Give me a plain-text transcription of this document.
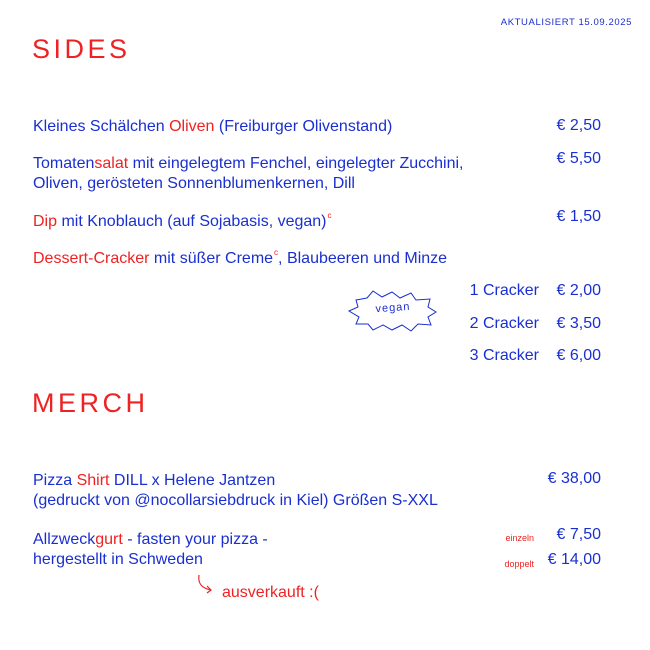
AKTUALISIERT 15.09.2025
SIDES
Kleines Schälchen Oliven (Freiburger Olivenstand)	€ 2,50
Tomatensalat mit eingelegtem Fenchel, eingelegter Zucchini,
Oliven, gerösteten Sonnenblumenkernen, Dill
€ 5,50
Dip mit Knoblauch (auf Sojabasis, vegan)$^c$	€ 1,50
Dessert-Cracker mit süßer Creme$^c$, Blaubeeren und Minze
1 Cracker € 2,00
2 Cracker € 3,50
3 Cracker € 6,00
vegan
MERCH
Pizza Shirt DILL x Helene Jantzen
(gedruckt von @nocollarsiebdruck in Kiel) Größen S-XXL
€ 38,00
Allzweckgurt - fasten your pizza -
hergestellt in Schweden
einzeln € 7,50
doppelt € 14,00
ausverkauft :(
